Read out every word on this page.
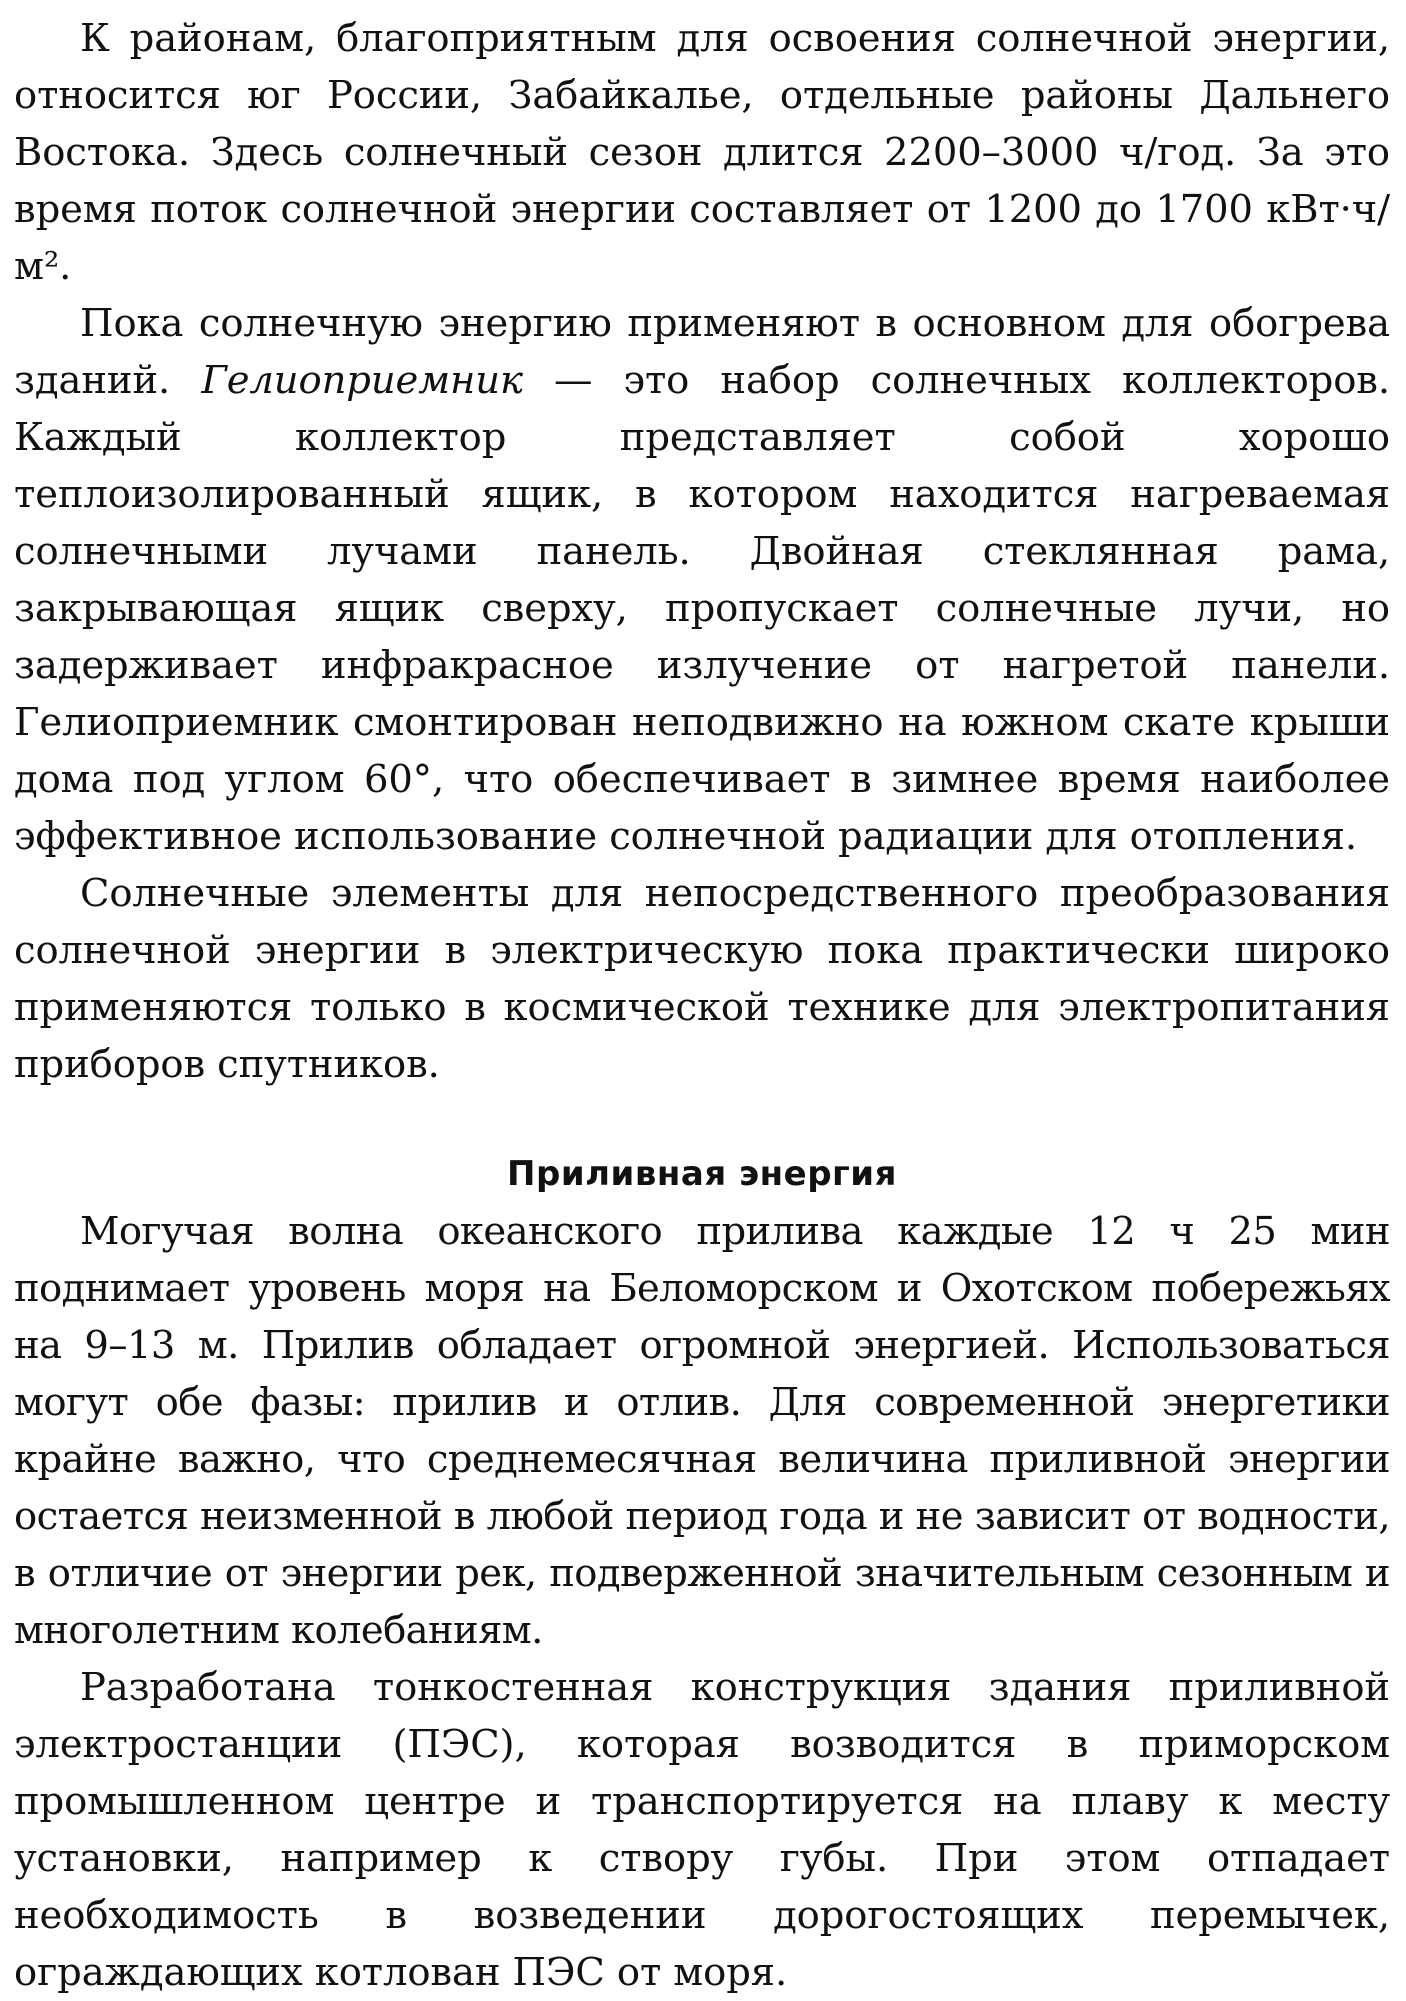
К районам, благоприятным для освоения солнечной энергии, относится юг России, Забайкалье, отдельные районы Дальнего Востока. Здесь солнечный сезон длится 2200–3000 ч/год. За это время поток солнечной энергии составляет от 1200 до 1700 кВт·ч/м².

Пока солнечную энергию применяют в основном для обогрева зданий. Гелиоприемник — это набор солнечных коллекторов. Каждый коллектор представляет собой хорошо теплоизолированный ящик, в котором находится нагреваемая солнечными лучами панель. Двойная стеклянная рама, закрывающая ящик сверху, пропускает солнечные лучи, но задерживает инфракрасное излучение от нагретой панели. Гелиоприемник смонтирован неподвижно на южном скате крыши дома под углом 60°, что обеспечивает в зимнее время наиболее эффективное использование солнечной радиации для отопления.

Солнечные элементы для непосредственного преобразования солнечной энергии в электрическую пока практически широко применяются только в космической технике для электропитания приборов спутников.

Приливная энергия

Могучая волна океанского прилива каждые 12 ч 25 мин поднимает уровень моря на Беломорском и Охотском побережьях на 9–13 м. Прилив обладает огромной энергией. Использоваться могут обе фазы: прилив и отлив. Для современной энергетики крайне важно, что среднемесячная величина приливной энергии остается неизменной в любой период года и не зависит от водности, в отличие от энергии рек, подверженной значительным сезонным и многолетним колебаниям.

Разработана тонкостенная конструкция здания приливной электростанции (ПЭС), которая возводится в приморском промышленном центре и транспортируется на плаву к месту установки, например к створу губы. При этом отпадает необходимость в возведении дорогостоящих перемычек, ограждающих котлован ПЭС от моря.
